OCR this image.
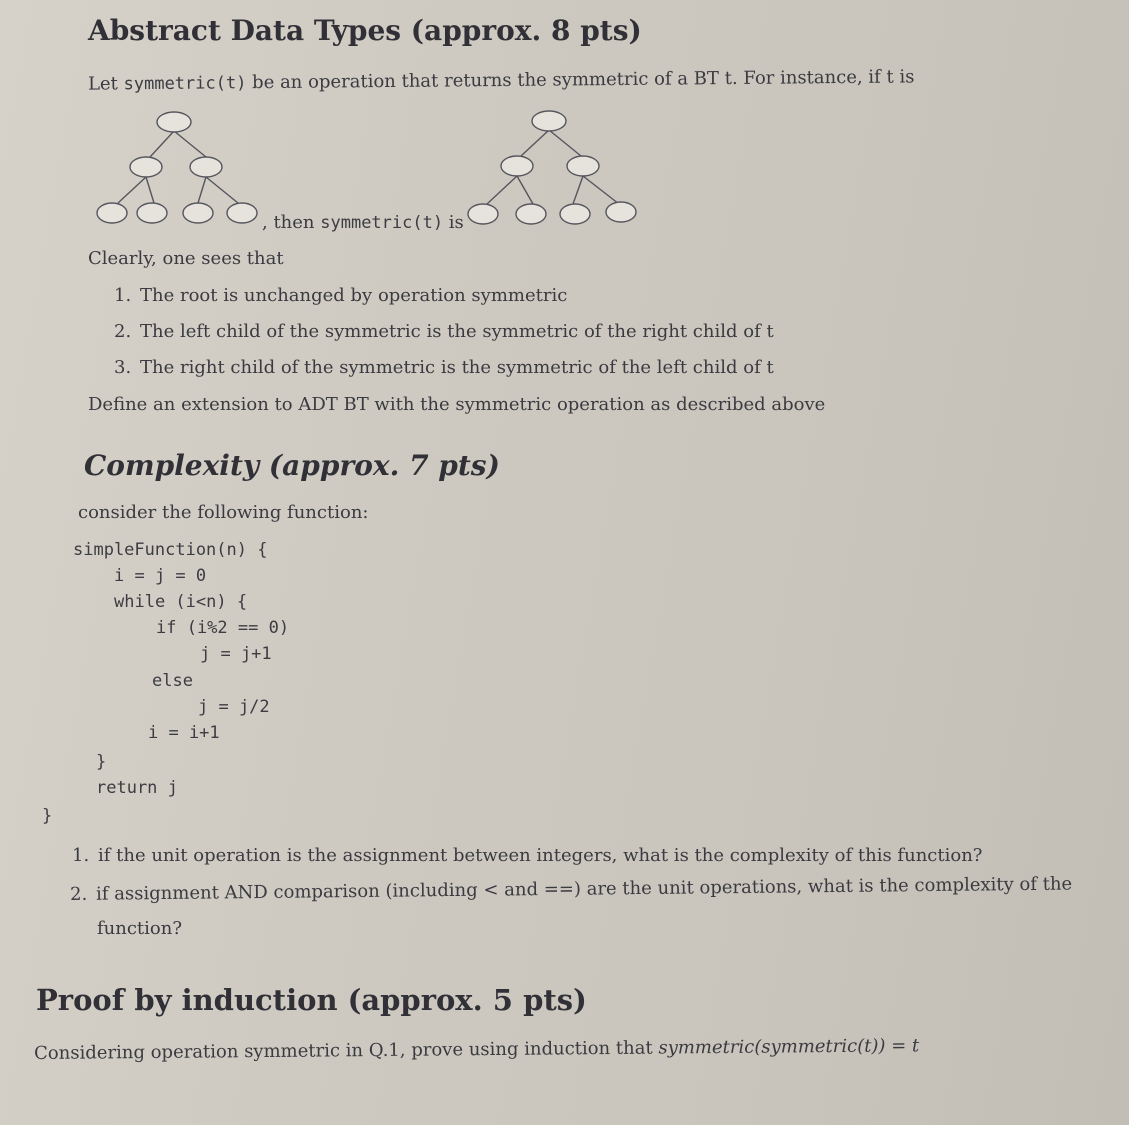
Abstract Data Types (approx. 8 pts)
Let symmetric(t) be an operation that returns the symmetric of a BT t. For instance, if t is
, then symmetric(t) is
Clearly, one sees that
1. The root is unchanged by operation symmetric
2. The left child of the symmetric is the symmetric of the right child of t
3. The right child of the symmetric is the symmetric of the left child of t
Define an extension to ADT BT with the symmetric operation as described above
Complexity (approx. 7 pts)
consider the following function:
simpleFunction(n) {
i = j = 0
while (i<n) {
if (i%2 == 0)
j = j+1
else
j = j/2
i = i+1
}
return j
}
1. if the unit operation is the assignment between integers, what is the complexity of this function?
2. if assignment AND comparison (including < and ==) are the unit operations, what is the complexity of the
function?
Proof by induction (approx. 5 pts)
Considering operation symmetric in Q.1, prove using induction that symmetric(symmetric(t)) = t
